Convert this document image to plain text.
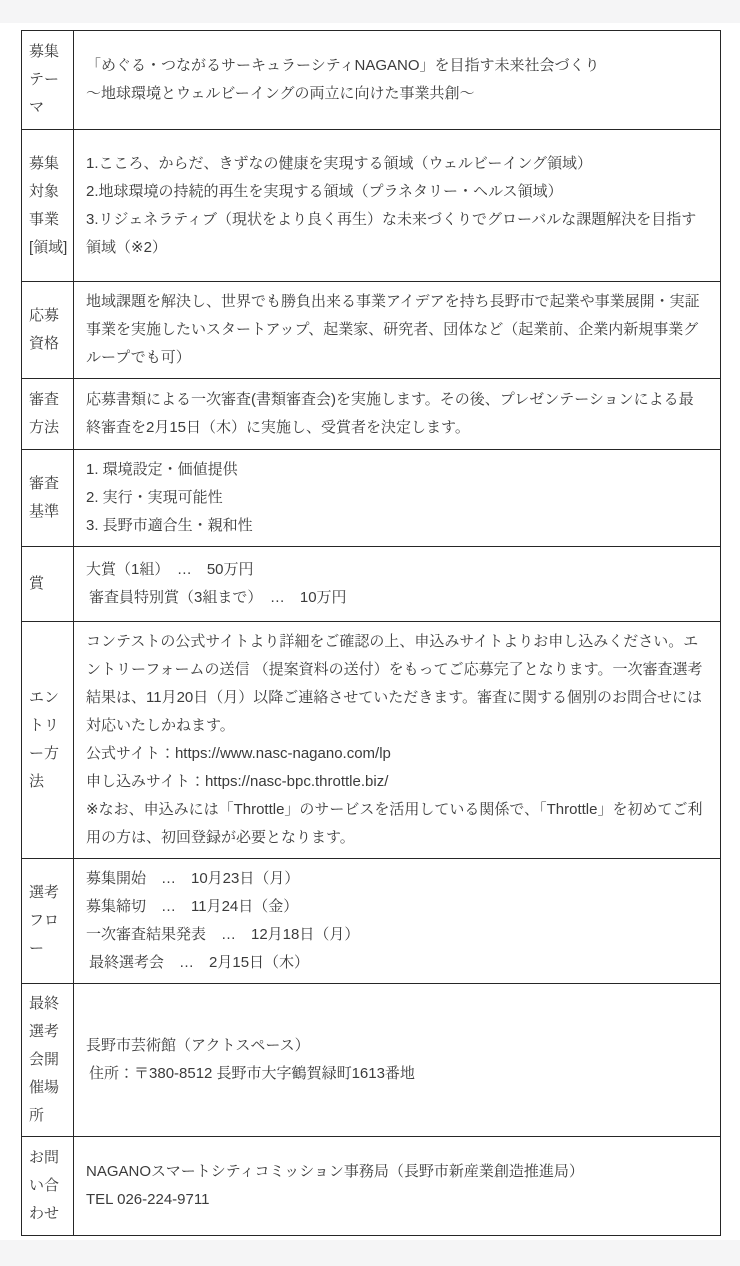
募集テーマ	「めぐる・つながるサーキュラーシティNAGANO」を目指す未来社会づくり
～地球環境とウェルビーイングの両立に向けた事業共創～

募集対象事業[領域]	1.こころ、からだ、きずなの健康を実現する領域（ウェルビーイング領域）
2.地球環境の持続的再生を実現する領域（プラネタリー・ヘルス領域）
3.リジェネラティブ（現状をより良く再生）な未来づくりでグローバルな課題解決を目指す領域（※2）

応募資格	地域課題を解決し、世界でも勝負出来る事業アイデアを持ち長野市で起業や事業展開・実証事業を実施したいスタートアップ、起業家、研究者、団体など（起業前、企業内新規事業グループでも可）

審査方法	応募書類による一次審査(書類審査会)を実施します。その後、プレゼンテーションによる最終審査を2月15日（木）に実施し、受賞者を決定します。

審査基準	1. 環境設定・価値提供
2. 実行・実現可能性
3. 長野市適合生・親和性

賞	大賞（1組）　…　50万円
 審査員特別賞（3組まで）　…　10万円

エントリー方法	コンテストの公式サイトより詳細をご確認の上、申込みサイトよりお申し込みください。エントリーフォームの送信 （提案資料の送付）をもってご応募完了となります。一次審査選考結果は、11月20日（月）以降ご連絡させていただきます。審査に関する個別のお問合せには対応いたしかねます。
公式サイト：https://www.nasc-nagano.com/lp
申し込みサイト：https://nasc-bpc.throttle.biz/
※なお、申込みには「Throttle」のサービスを活用している関係で、「Throttle」を初めてご利用の方は、初回登録が必要となります。

選考フロー	募集開始　…　10月23日（月）
募集締切　…　11月24日（金）
一次審査結果発表　…　12月18日（月）
 最終選考会　…　2月15日（木）

最終選考会開催場所	長野市芸術館（アクトスペース）
 住所：〒380-8512 長野市大字鶴賀緑町1613番地

お問い合わせ	NAGANOスマートシティコミッション事務局（長野市新産業創造推進局）
TEL 026-224-9711
